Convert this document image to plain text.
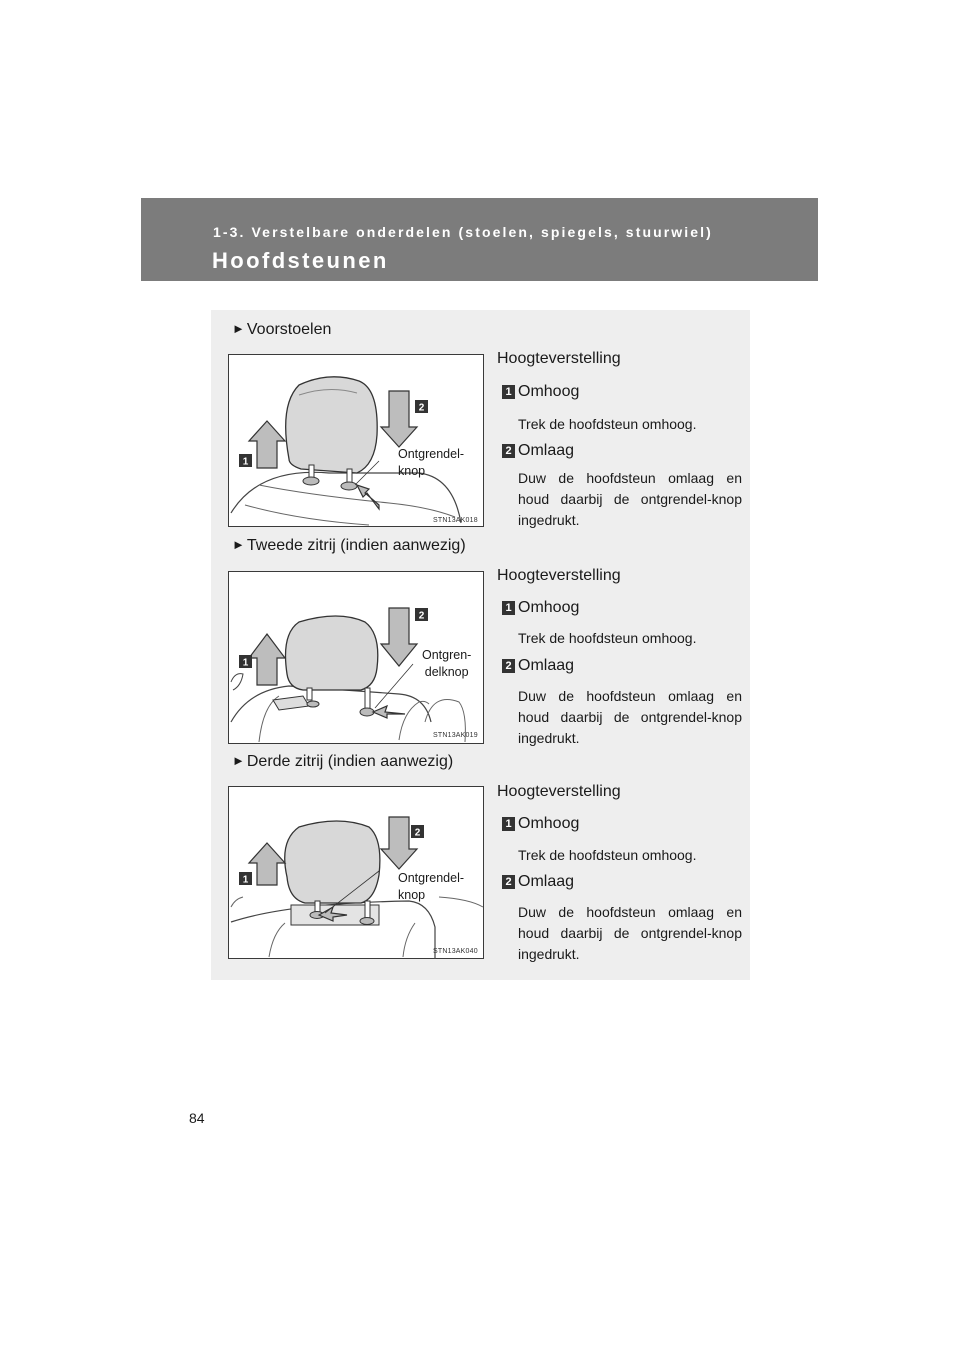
1-3. Verstelbare onderdelen (stoelen, spiegels, stuurwiel)
Hoofdsteunen
► Voorstoelen
1
2
Ontgrendel-
knop
STN13AK018
Hoogteverstelling
1 Omhoog
Trek de hoofdsteun omhoog.
2 Omlaag
Duw de hoofdsteun omlaag en houd daarbij de ontgrendel-knop ingedrukt.
► Tweede zitrij (indien aanwezig)
1
2
Ontgren-
delknop
STN13AK019
Hoogteverstelling
1 Omhoog
Trek de hoofdsteun omhoog.
2 Omlaag
Duw de hoofdsteun omlaag en houd daarbij de ontgrendel-knop ingedrukt.
► Derde zitrij (indien aanwezig)
1
2
Ontgrendel-
knop
STN13AK040
Hoogteverstelling
1 Omhoog
Trek de hoofdsteun omhoog.
2 Omlaag
Duw de hoofdsteun omlaag en houd daarbij de ontgrendel-knop ingedrukt.
84
